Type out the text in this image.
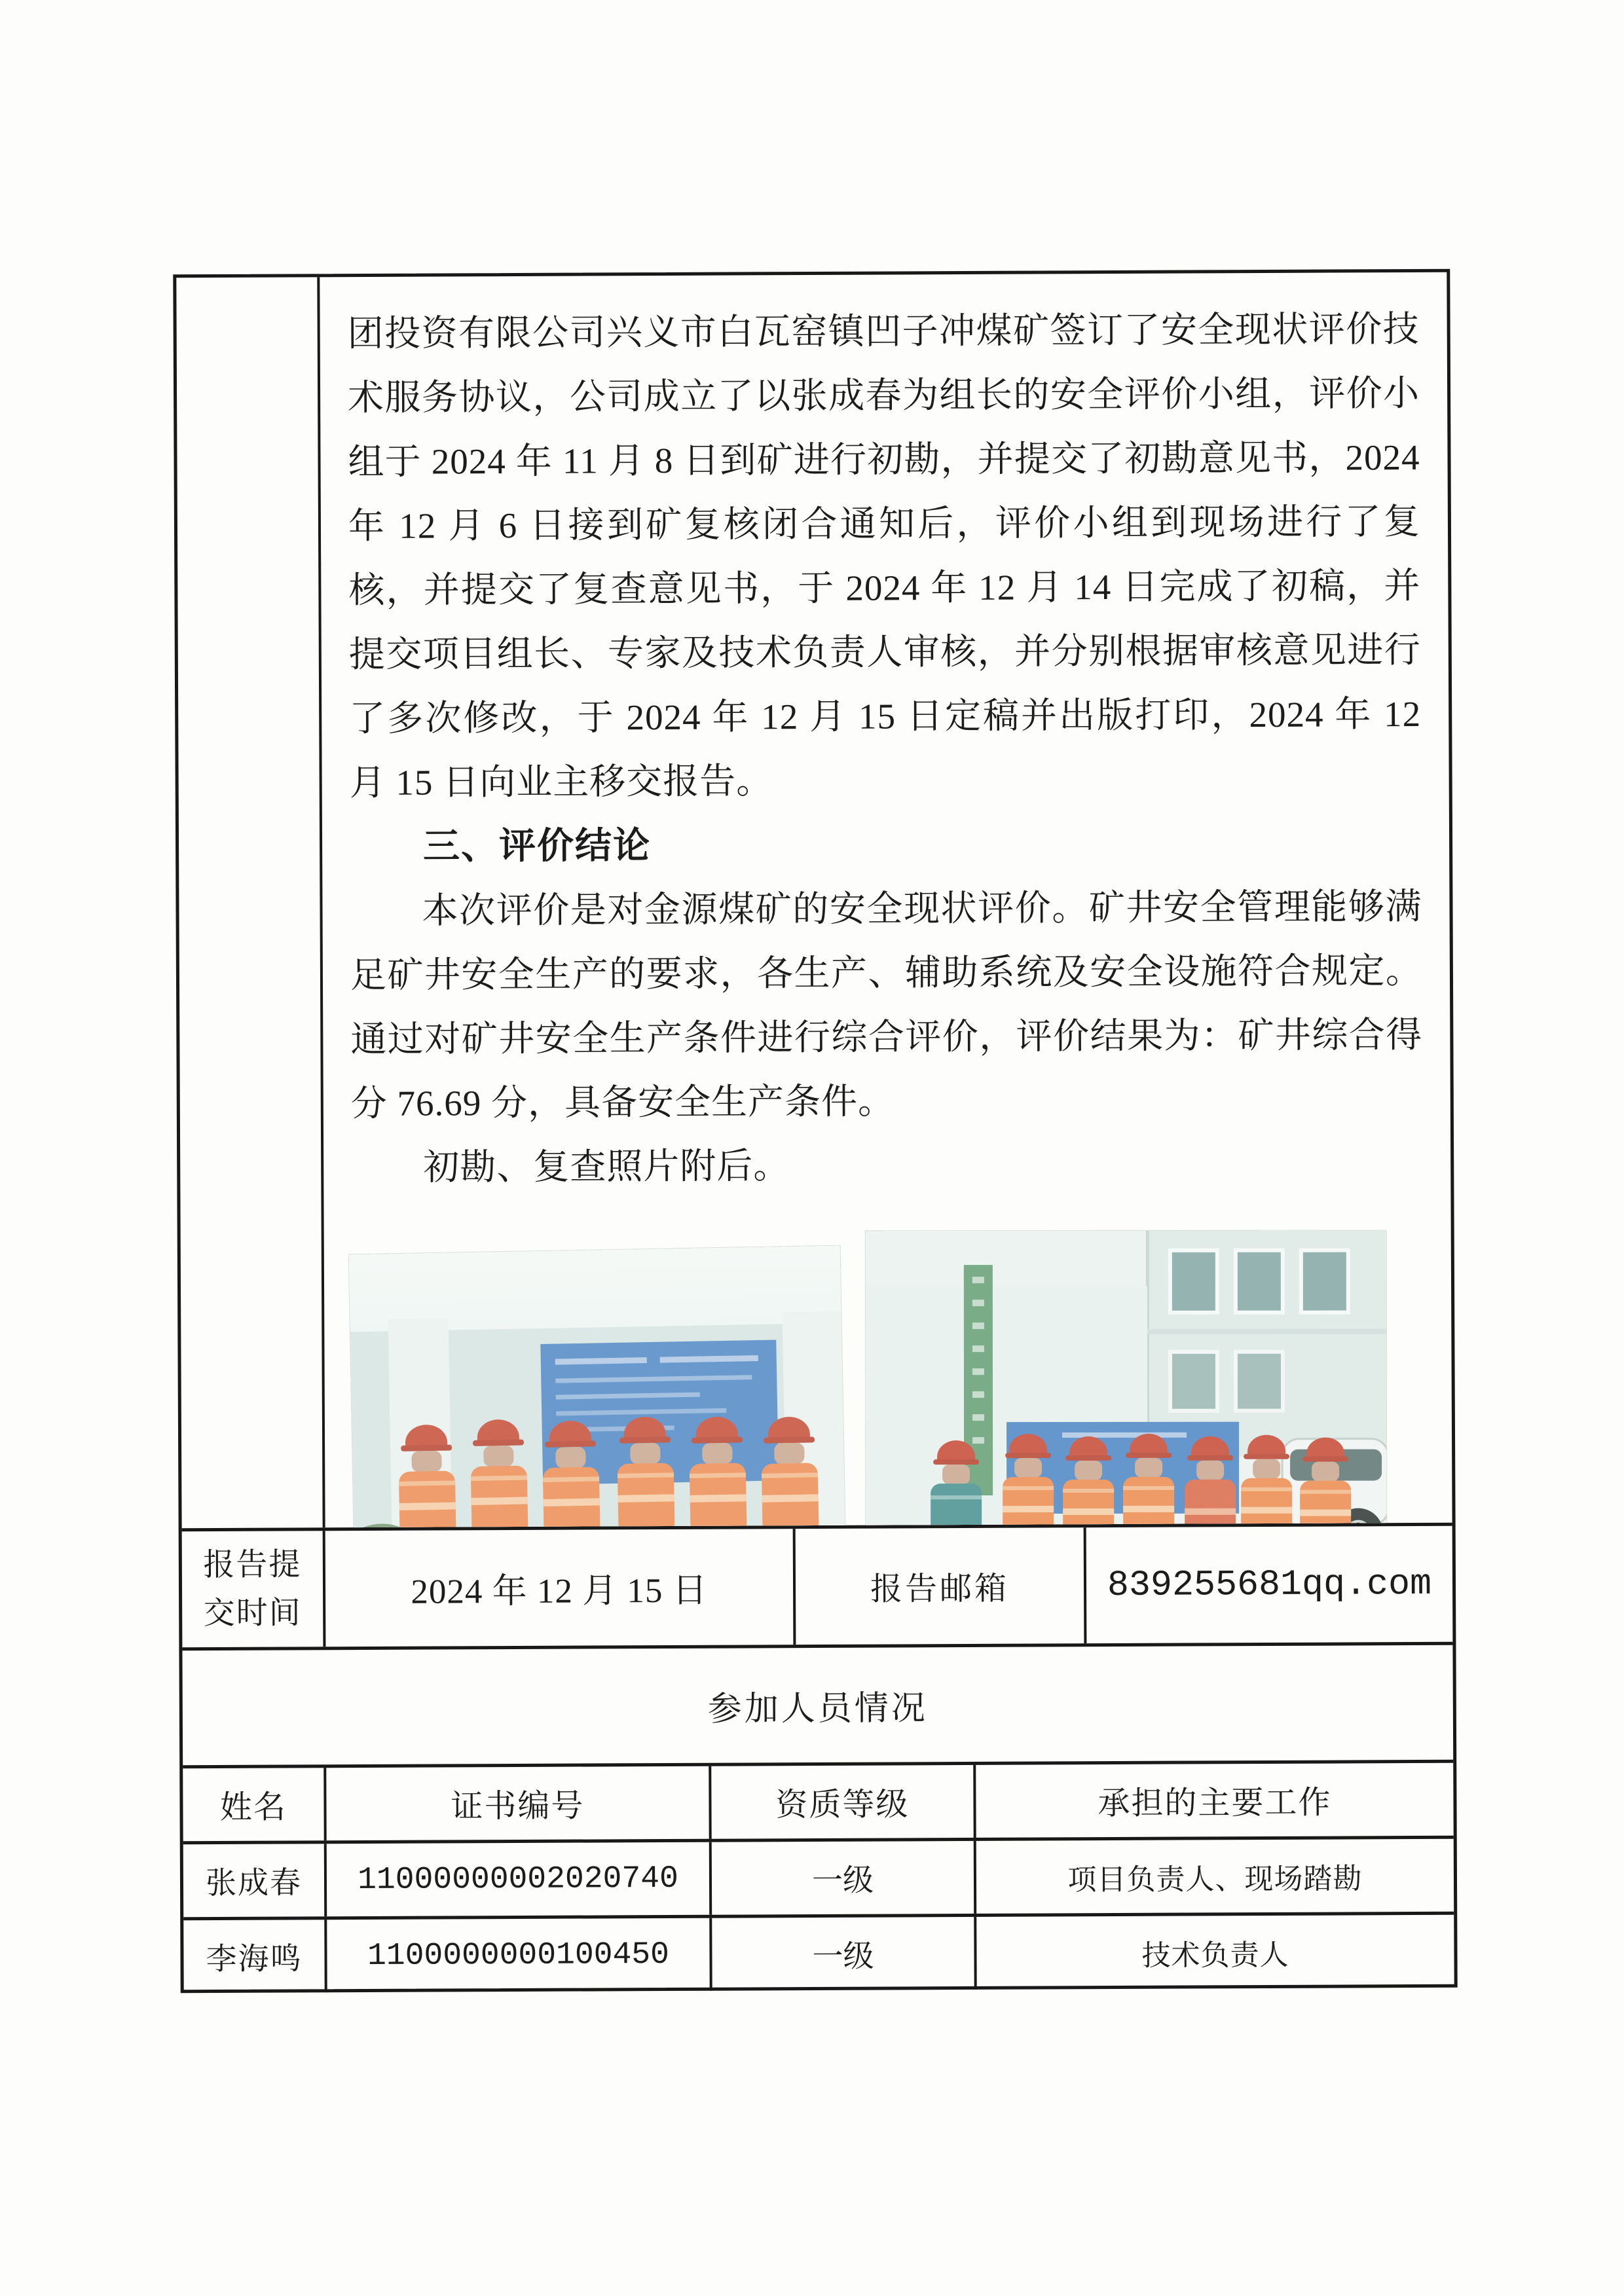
团投资有限公司兴义市白瓦窑镇凹子冲煤矿签订了安全现状评价技术服务协议，公司成立了以张成春为组长的安全评价小组，评价小组于 2024 年 11 月 8 日到矿进行初勘，并提交了初勘意见书，2024 年 12 月 6 日接到矿复核闭合通知后，评价小组到现场进行了复核，并提交了复查意见书，于 2024 年 12 月 14 日完成了初稿，并提交项目组长、专家及技术负责人审核，并分别根据审核意见进行了多次修改，于 2024 年 12 月 15 日定稿并出版打印，2024 年 12 月 15 日向业主移交报告。

三、评价结论

本次评价是对金源煤矿的安全现状评价。矿井安全管理能够满足矿井安全生产的要求，各生产、辅助系统及安全设施符合规定。通过对矿井安全生产条件进行综合评价，评价结果为：矿井综合得分 76.69 分，具备安全生产条件。

初勘、复查照片附后。

报告提
交时间
2024 年 12 月 15 日	报告邮箱	839255681qq.com
参加人员情况
姓名	证书编号	资质等级	承担的主要工作
张成春	11000000002020740	一级	项目负责人、现场踏勘
李海鸣	1100000000100450	一级	技术负责人
